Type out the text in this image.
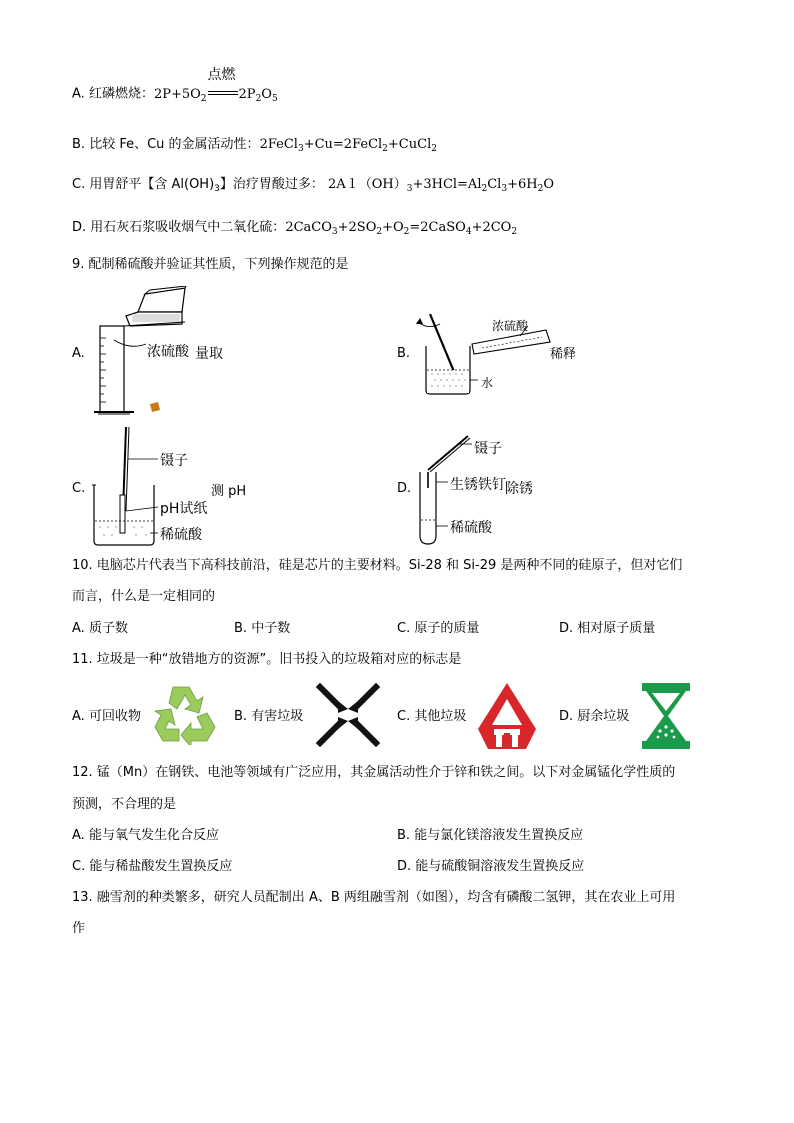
A. 红磷燃烧：$2P+5O_2$
点燃
$2P_2O_5$
B. 比较 Fe、Cu 的金属活动性：2FeCl$_3$+Cu=2FeCl$_2$+CuCl$_2$
C. 用胃舒平【含 $Al(OH)_3$】治疗胃酸过多： $2A1(OH)_3+3HCl=Al_2Cl_3+6H_2O$
D. 用石灰石浆吸收烟气中二氧化硫：$2CaCO_3+2SO_2+O_2=2CaSO_4+2CO_2$
9. 配制稀硫酸并验证其性质，下列操作规范的是
A.	浓硫酸 量取	B.
浓硫酸
稀释
水
C.
镊子
测 pH
pH试纸
稀硫酸
D.
镊子
生锈铁钉 除锈
稀硫酸
10. 电脑芯片代表当下高科技前沿，硅是芯片的主要材料。Si-28 和 Si-29 是两种不同的硅原子，但对它们
而言，什么是一定相同的
A. 质子数	B. 中子数	C. 原子的质量	D. 相对原子质量
11. 垃圾是一种“放错地方的资源”。旧书投入的垃圾箱对应的标志是
A. 可回收物	B. 有害垃圾	C. 其他垃圾	D. 厨余垃圾
12. 锰（Mn）在钢铁、电池等领域有广泛应用，其金属活动性介于锌和铁之间。以下对金属锰化学性质的
预测，不合理的是
A. 能与氧气发生化合反应	B. 能与氯化镁溶液发生置换反应
C. 能与稀盐酸发生置换反应	D. 能与硫酸铜溶液发生置换反应
13. 融雪剂的种类繁多，研究人员配制出 A、B 两组融雪剂（如图），均含有磷酸二氢钾，其在农业上可用
作
